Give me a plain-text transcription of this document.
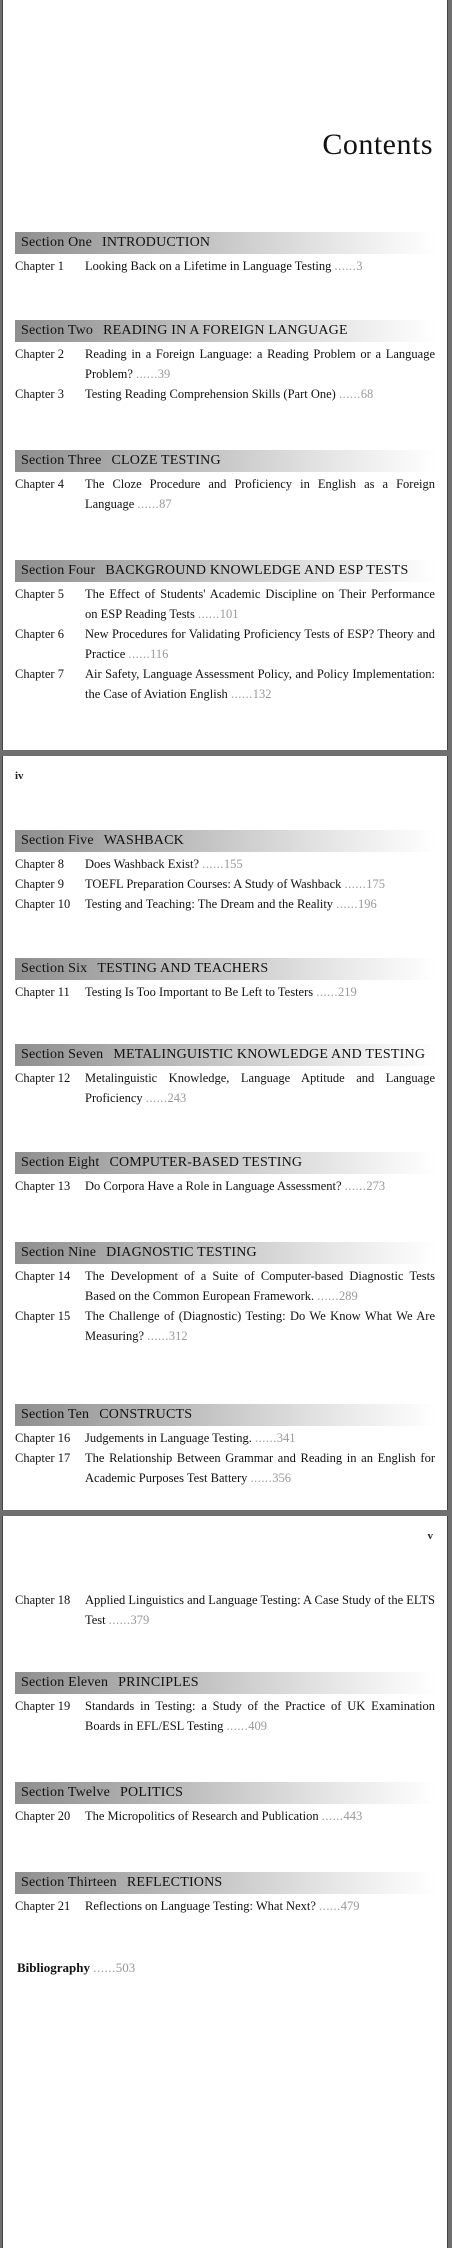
Contents
Section One INTRODUCTION
Chapter 1	Looking Back on a Lifetime in Language Testing ......3
Section Two READING IN A FOREIGN LANGUAGE
Chapter 2	Reading in a Foreign Language: a Reading Problem or a Language Problem? ......39
Chapter 3	Testing Reading Comprehension Skills (Part One) ......68
Section Three CLOZE TESTING
Chapter 4	The Cloze Procedure and Proficiency in English as a Foreign Language ......87
Section Four BACKGROUND KNOWLEDGE AND ESP TESTS
Chapter 5	The Effect of Students' Academic Discipline on Their Performance on ESP Reading Tests ......101
Chapter 6	New Procedures for Validating Proficiency Tests of ESP? Theory and Practice ......116
Chapter 7	Air Safety, Language Assessment Policy, and Policy Implementation: the Case of Aviation English ......132
iv
Section Five WASHBACK
Chapter 8	Does Washback Exist? ......155
Chapter 9	TOEFL Preparation Courses: A Study of Washback ......175
Chapter 10	Testing and Teaching: The Dream and the Reality ......196
Section Six TESTING AND TEACHERS
Chapter 11	Testing Is Too Important to Be Left to Testers ......219
Section Seven METALINGUISTIC KNOWLEDGE AND TESTING
Chapter 12	Metalinguistic Knowledge, Language Aptitude and Language Proficiency ......243
Section Eight COMPUTER-BASED TESTING
Chapter 13	Do Corpora Have a Role in Language Assessment? ......273
Section Nine DIAGNOSTIC TESTING
Chapter 14	The Development of a Suite of Computer-based Diagnostic Tests Based on the Common European Framework. ......289
Chapter 15	The Challenge of (Diagnostic) Testing: Do We Know What We Are Measuring? ......312
Section Ten CONSTRUCTS
Chapter 16	Judgements in Language Testing. ......341
Chapter 17	The Relationship Between Grammar and Reading in an English for Academic Purposes Test Battery ......356
v
Chapter 18	Applied Linguistics and Language Testing: A Case Study of the ELTS Test ......379
Section Eleven PRINCIPLES
Chapter 19	Standards in Testing: a Study of the Practice of UK Examination Boards in EFL/ESL Testing ......409
Section Twelve POLITICS
Chapter 20	The Micropolitics of Research and Publication ......443
Section Thirteen REFLECTIONS
Chapter 21	Reflections on Language Testing: What Next? ......479
Bibliography ......503
